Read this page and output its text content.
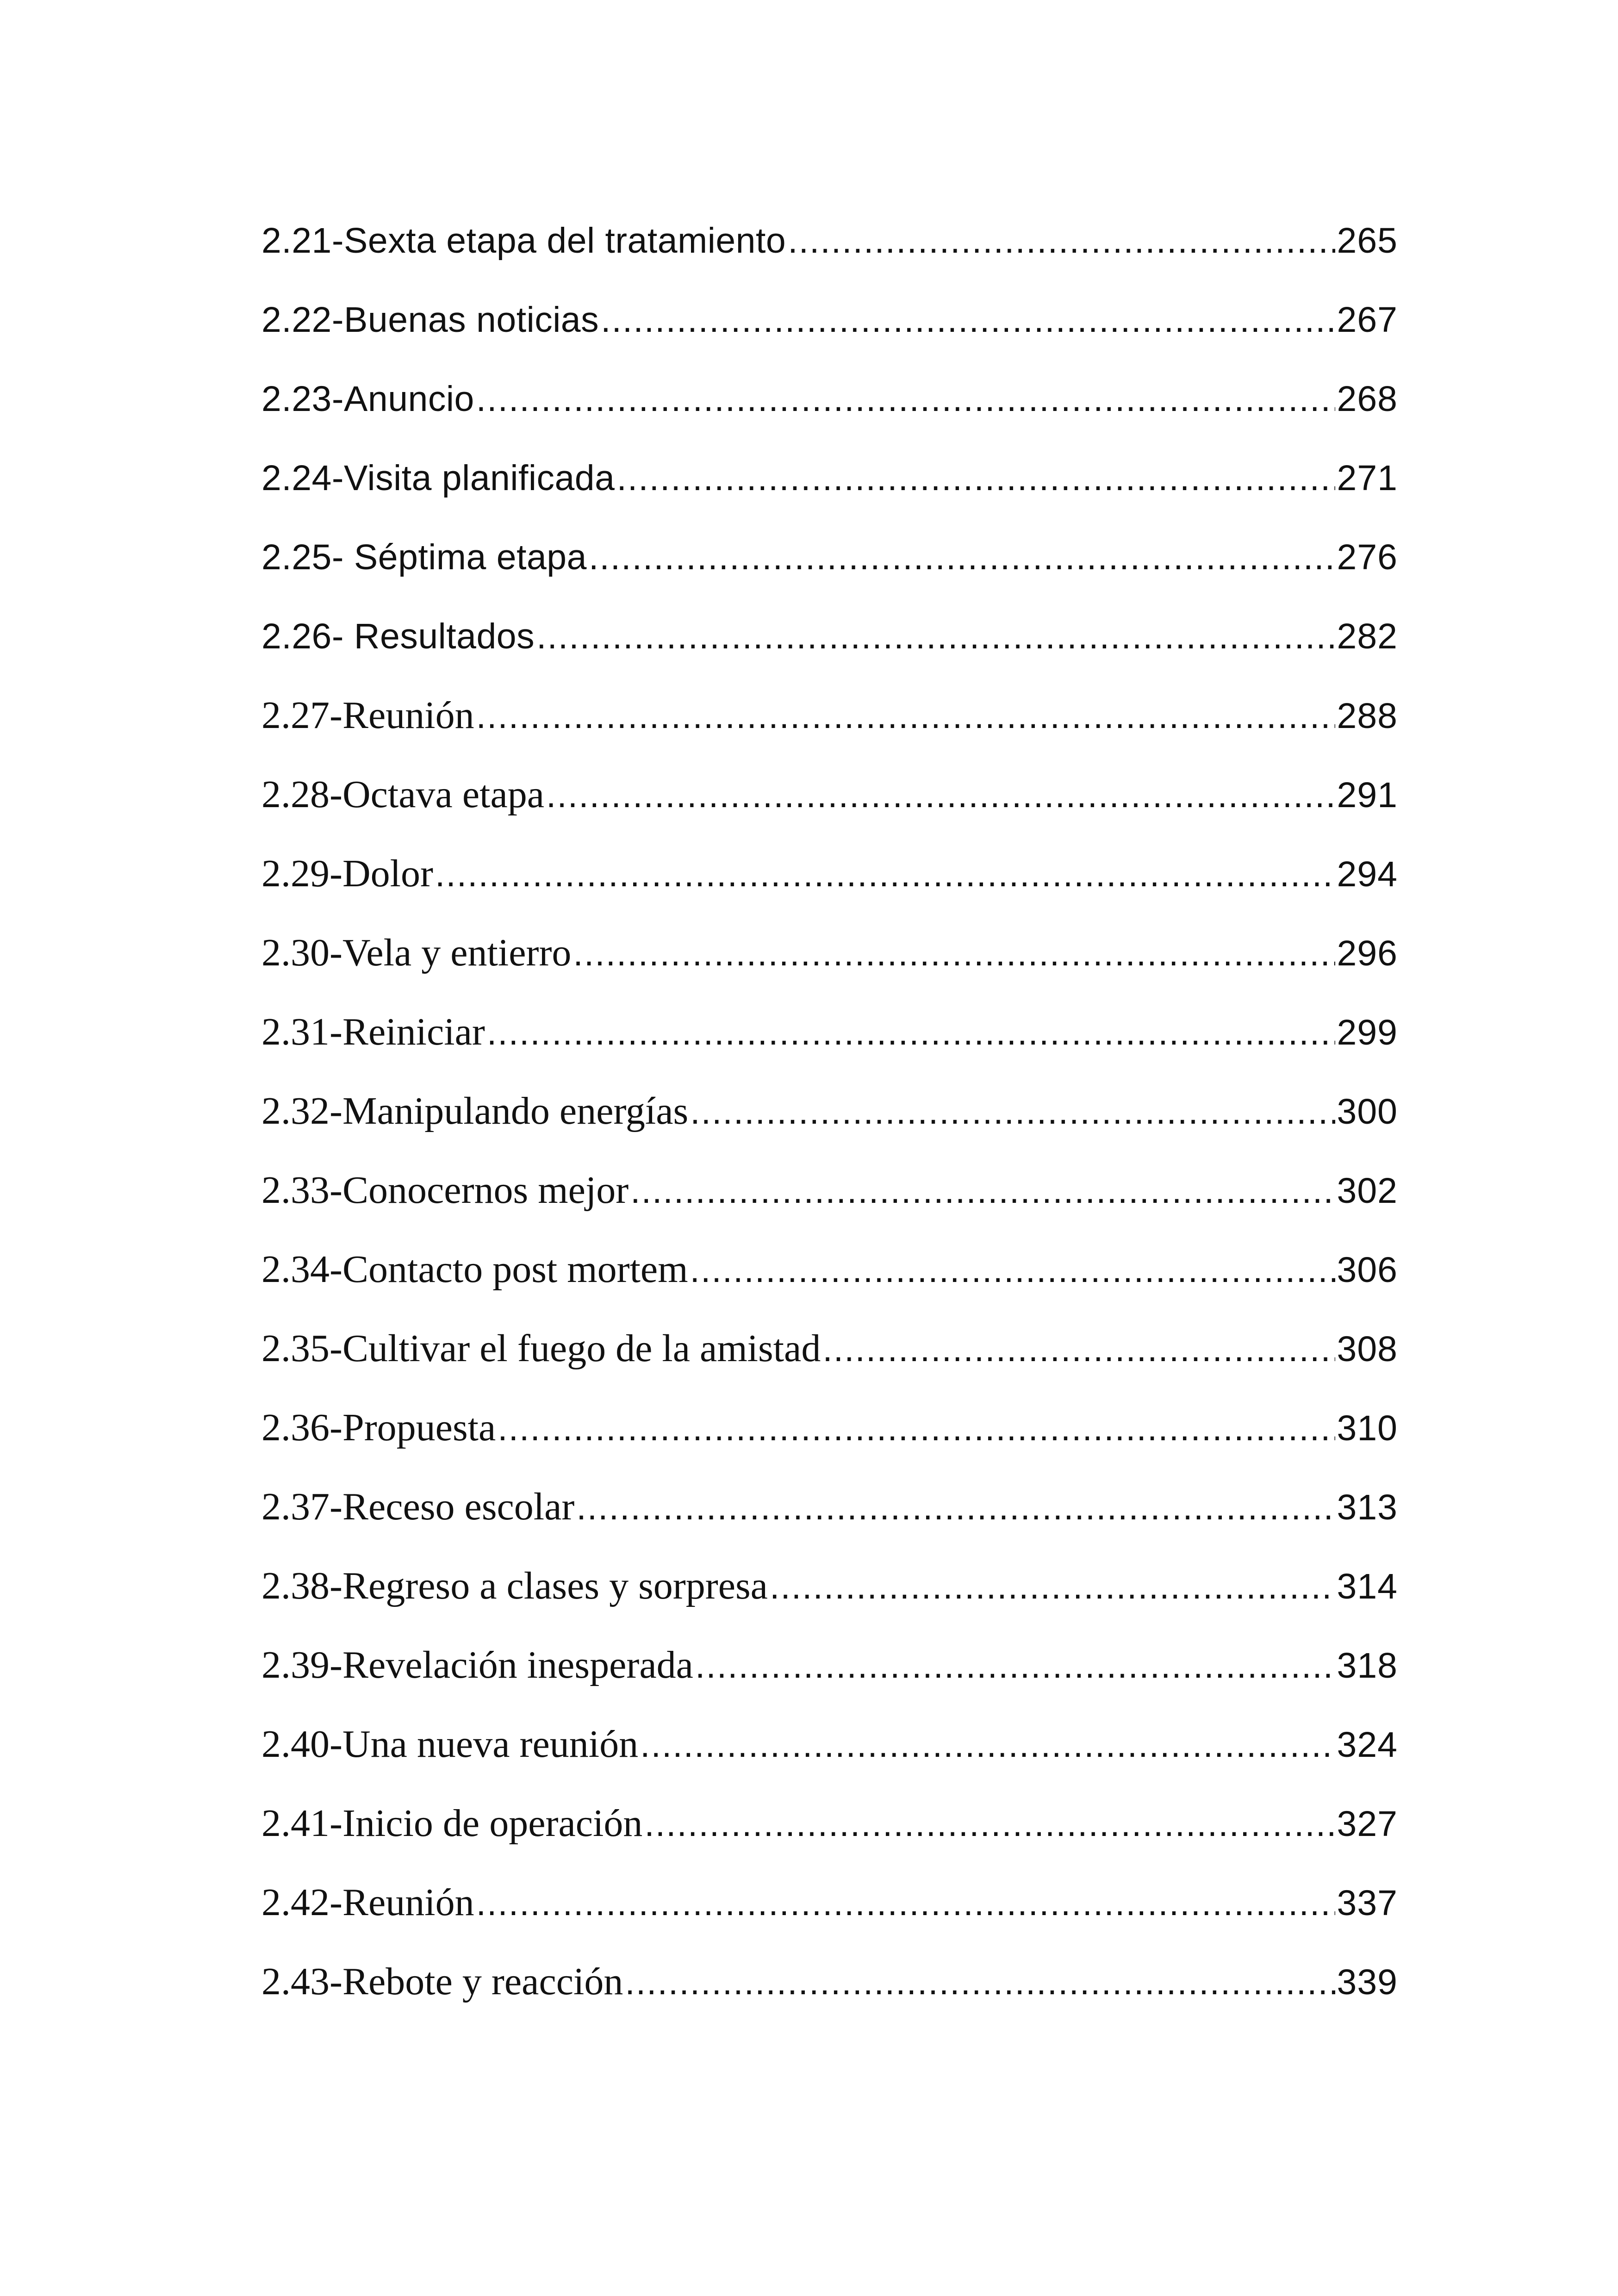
2.21-Sexta etapa del tratamiento .....	265
2.22-Buenas noticias .....	267
2.23-Anuncio .....	268
2.24-Visita planificada .....	271
2.25- Séptima etapa .....	276
2.26- Resultados .....	282
2.27-Reunión .....	288
2.28-Octava etapa .....	291
2.29-Dolor .....	294
2.30-Vela y entierro .....	296
2.31-Reiniciar .....	299
2.32-Manipulando energías .....	300
2.33-Conocernos mejor .....	302
2.34-Contacto post mortem .....	306
2.35-Cultivar el fuego de la amistad .....	308
2.36-Propuesta .....	310
2.37-Receso escolar .....	313
2.38-Regreso a clases y sorpresa .....	314
2.39-Revelación inesperada .....	318
2.40-Una nueva reunión .....	324
2.41-Inicio de operación .....	327
2.42-Reunión .....	337
2.43-Rebote y reacción .....	339
